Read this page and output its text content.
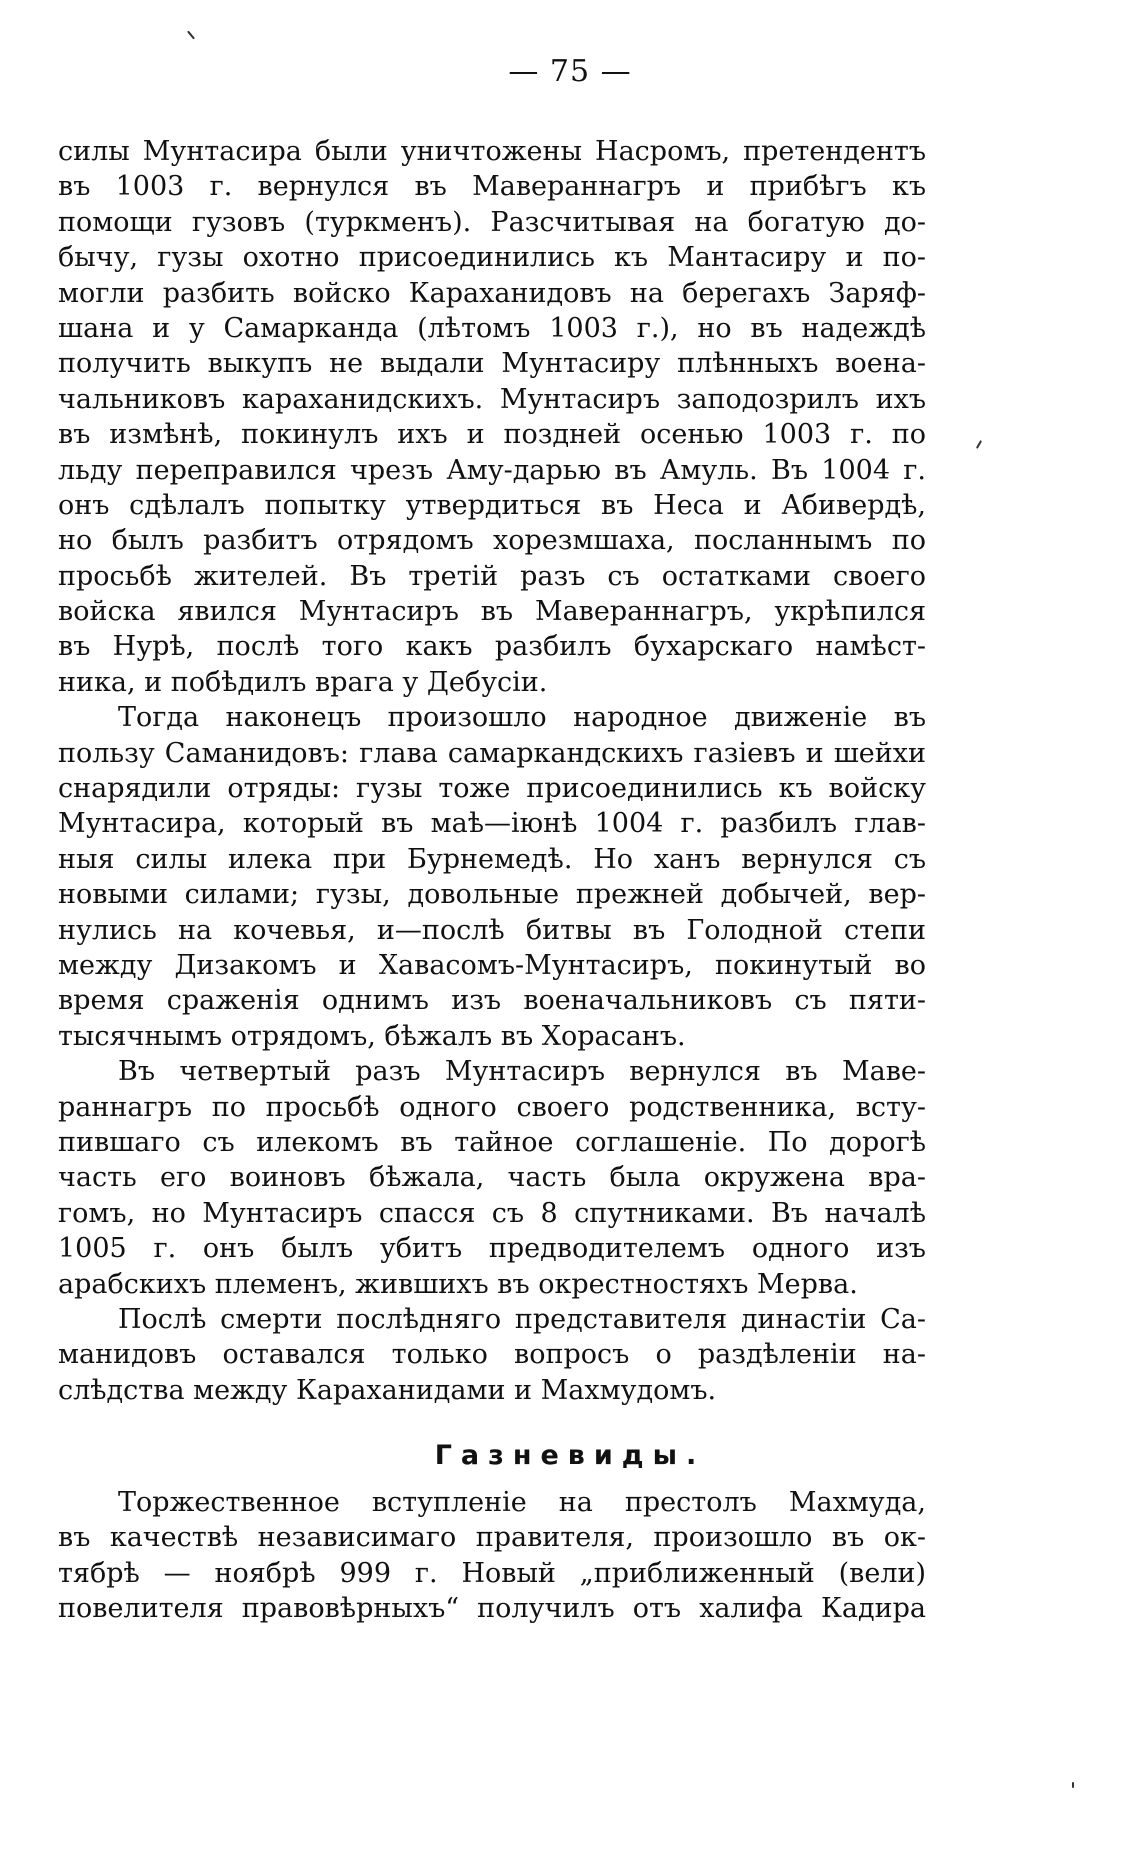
— 75 —
силы Мунтасира были уничтожены Насромъ, претендентъ
въ 1003 г. вернулся въ Мавераннагръ и прибѣгъ къ
помощи гузовъ (туркменъ). Разсчитывая на богатую до-
бычу, гузы охотно присоединились къ Мантасиру и по-
могли разбить войско Караханидовъ на берегахъ Заряф-
шана и у Самарканда (лѣтомъ 1003 г.), но въ надеждѣ
получить выкупъ не выдали Мунтасиру плѣнныхъ воена-
чальниковъ караханидскихъ. Мунтасиръ заподозрилъ ихъ
въ измѣнѣ, покинулъ ихъ и поздней осенью 1003 г. по
льду переправился чрезъ Аму-дарью въ Амуль. Въ 1004 г.
онъ сдѣлалъ попытку утвердиться въ Неса и Абивердѣ,
но былъ разбитъ отрядомъ хорезмшаха, посланнымъ по
просьбѣ жителей. Въ третій разъ съ остатками своего
войска явился Мунтасиръ въ Мавераннагръ, укрѣпился
въ Нурѣ, послѣ того какъ разбилъ бухарскаго намѣст-
ника, и побѣдилъ врага у Дебусіи.
Тогда наконецъ произошло народное движеніе въ
пользу Саманидовъ: глава самаркандскихъ газіевъ и шейхи
снарядили отряды: гузы тоже присоединились къ войску
Мунтасира, который въ маѣ—іюнѣ 1004 г. разбилъ глав-
ныя силы илека при Бурнемедѣ. Но ханъ вернулся съ
новыми силами; гузы, довольные прежней добычей, вер-
нулись на кочевья, и—послѣ битвы въ Голодной степи
между Дизакомъ и Хавасомъ-Мунтасиръ, покинутый во
время сраженія однимъ изъ военачальниковъ съ пяти-
тысячнымъ отрядомъ, бѣжалъ въ Хорасанъ.
Въ четвертый разъ Мунтасиръ вернулся въ Маве-
раннагръ по просьбѣ одного своего родственника, всту-
пившаго съ илекомъ въ тайное соглашеніе. По дорогѣ
часть его воиновъ бѣжала, часть была окружена вра-
гомъ, но Мунтасиръ спасся съ 8 спутниками. Въ началѣ
1005 г. онъ былъ убитъ предводителемъ одного изъ
арабскихъ племенъ, жившихъ въ окрестностяхъ Мерва.
Послѣ смерти послѣдняго представителя династіи Са-
манидовъ оставался только вопросъ о раздѣленіи на-
слѣдства между Караханидами и Махмудомъ.
Газневиды.
Торжественное вступленіе на престолъ Махмуда,
въ качествѣ независимаго правителя, произошло въ ок-
тябрѣ — ноябрѣ 999 г. Новый „приближенный (вели)
повелителя правовѣрныхъ“ получилъ отъ халифа Кадира
